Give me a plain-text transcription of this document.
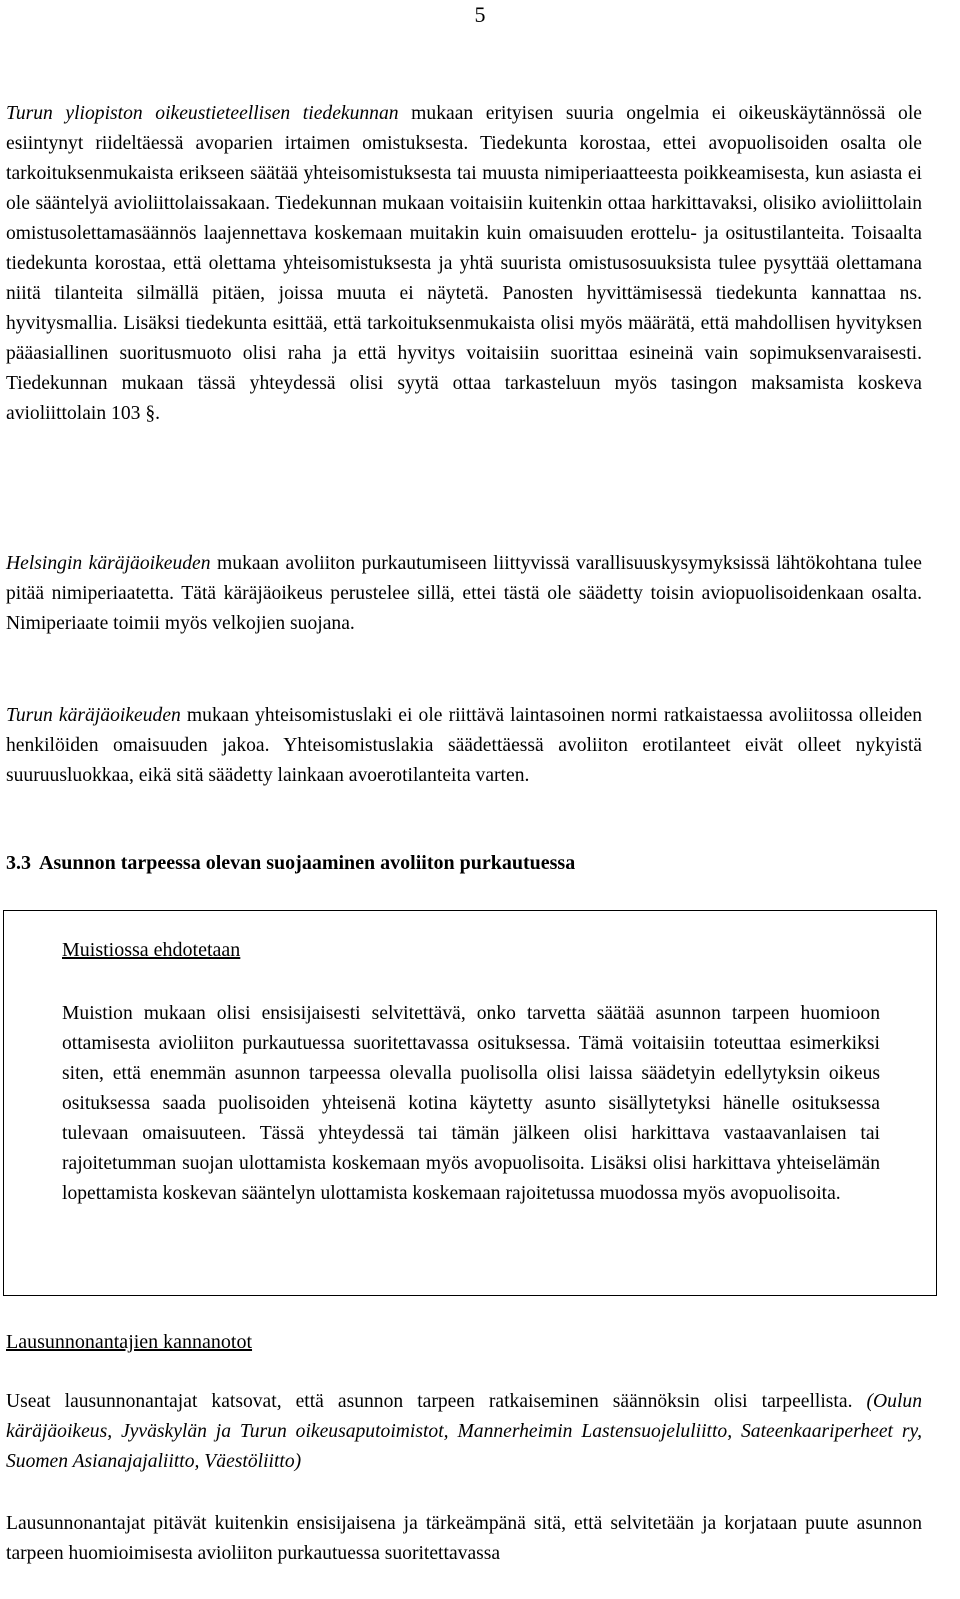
5

Turun yliopiston oikeustieteellisen tiedekunnan mukaan erityisen suuria ongelmia ei oikeuskäytännössä ole esiintynyt riideltäessä avoparien irtaimen omistuksesta. Tiedekunta korostaa, ettei avopuolisoiden osalta ole tarkoituksenmukaista erikseen säätää yhteisomistuksesta tai muusta nimiperiaatteesta poikkeamisesta, kun asiasta ei ole sääntelyä avioliittolaissakaan. Tiedekunnan mukaan voitaisiin kuitenkin ottaa harkittavaksi, olisiko avioliittolain omistusolettamasäännös laajennettava koskemaan muitakin kuin omaisuuden erottelu- ja ositustilanteita. Toisaalta tiedekunta korostaa, että olettama yhteisomistuksesta ja yhtä suurista omistusosuuksista tulee pysyttää olettamana niitä tilanteita silmällä pitäen, joissa muuta ei näytetä. Panosten hyvittämisessä tiedekunta kannattaa ns. hyvitysmallia. Lisäksi tiedekunta esittää, että tarkoituksenmukaista olisi myös määrätä, että mahdollisen hyvityksen pääasiallinen suoritusmuoto olisi raha ja että hyvitys voitaisiin suorittaa esineinä vain sopimuksenvaraisesti. Tiedekunnan mukaan tässä yhteydessä olisi syytä ottaa tarkasteluun myös tasingon maksamista koskeva avioliittolain 103 §.

Helsingin käräjäoikeuden mukaan avoliiton purkautumiseen liittyvissä varallisuuskysymyksissä lähtökohtana tulee pitää nimiperiaatetta. Tätä käräjäoikeus perustelee sillä, ettei tästä ole säädetty toisin aviopuolisoidenkaan osalta. Nimiperiaate toimii myös velkojien suojana.

Turun käräjäoikeuden mukaan yhteisomistuslaki ei ole riittävä laintasoinen normi ratkaistaessa avoliitossa olleiden henkilöiden omaisuuden jakoa. Yhteisomistuslakia säädettäessä avoliiton erotilanteet eivät olleet nykyistä suuruusluokkaa, eikä sitä säädetty lainkaan avoerotilanteita varten.

3.3 Asunnon tarpeessa olevan suojaaminen avoliiton purkautuessa

Muistiossa ehdotetaan

Muistion mukaan olisi ensisijaisesti selvitettävä, onko tarvetta säätää asunnon tarpeen huomioon ottamisesta avioliiton purkautuessa suoritettavassa osituksessa. Tämä voitaisiin toteuttaa esimerkiksi siten, että enemmän asunnon tarpeessa olevalla puolisolla olisi laissa säädetyin edellytyksin oikeus osituksessa saada puolisoiden yhteisenä kotina käytetty asunto sisällytetyksi hänelle osituksessa tulevaan omaisuuteen. Tässä yhteydessä tai tämän jälkeen olisi harkittava vastaavanlaisen tai rajoitetumman suojan ulottamista koskemaan myös avopuolisoita. Lisäksi olisi harkittava yhteiselämän lopettamista koskevan sääntelyn ulottamista koskemaan rajoitetussa muodossa myös avopuolisoita.

Lausunnonantajien kannanotot

Useat lausunnonantajat katsovat, että asunnon tarpeen ratkaiseminen säännöksin olisi tarpeellista. (Oulun käräjäoikeus, Jyväskylän ja Turun oikeusaputoimistot, Mannerheimin Lastensuojeluliitto, Sateenkaariperheet ry, Suomen Asianajajaliitto, Väestöliitto)

Lausunnonantajat pitävät kuitenkin ensisijaisena ja tärkeämpänä sitä, että selvitetään ja korjataan puute asunnon tarpeen huomioimisesta avioliiton purkautuessa suoritettavassa
